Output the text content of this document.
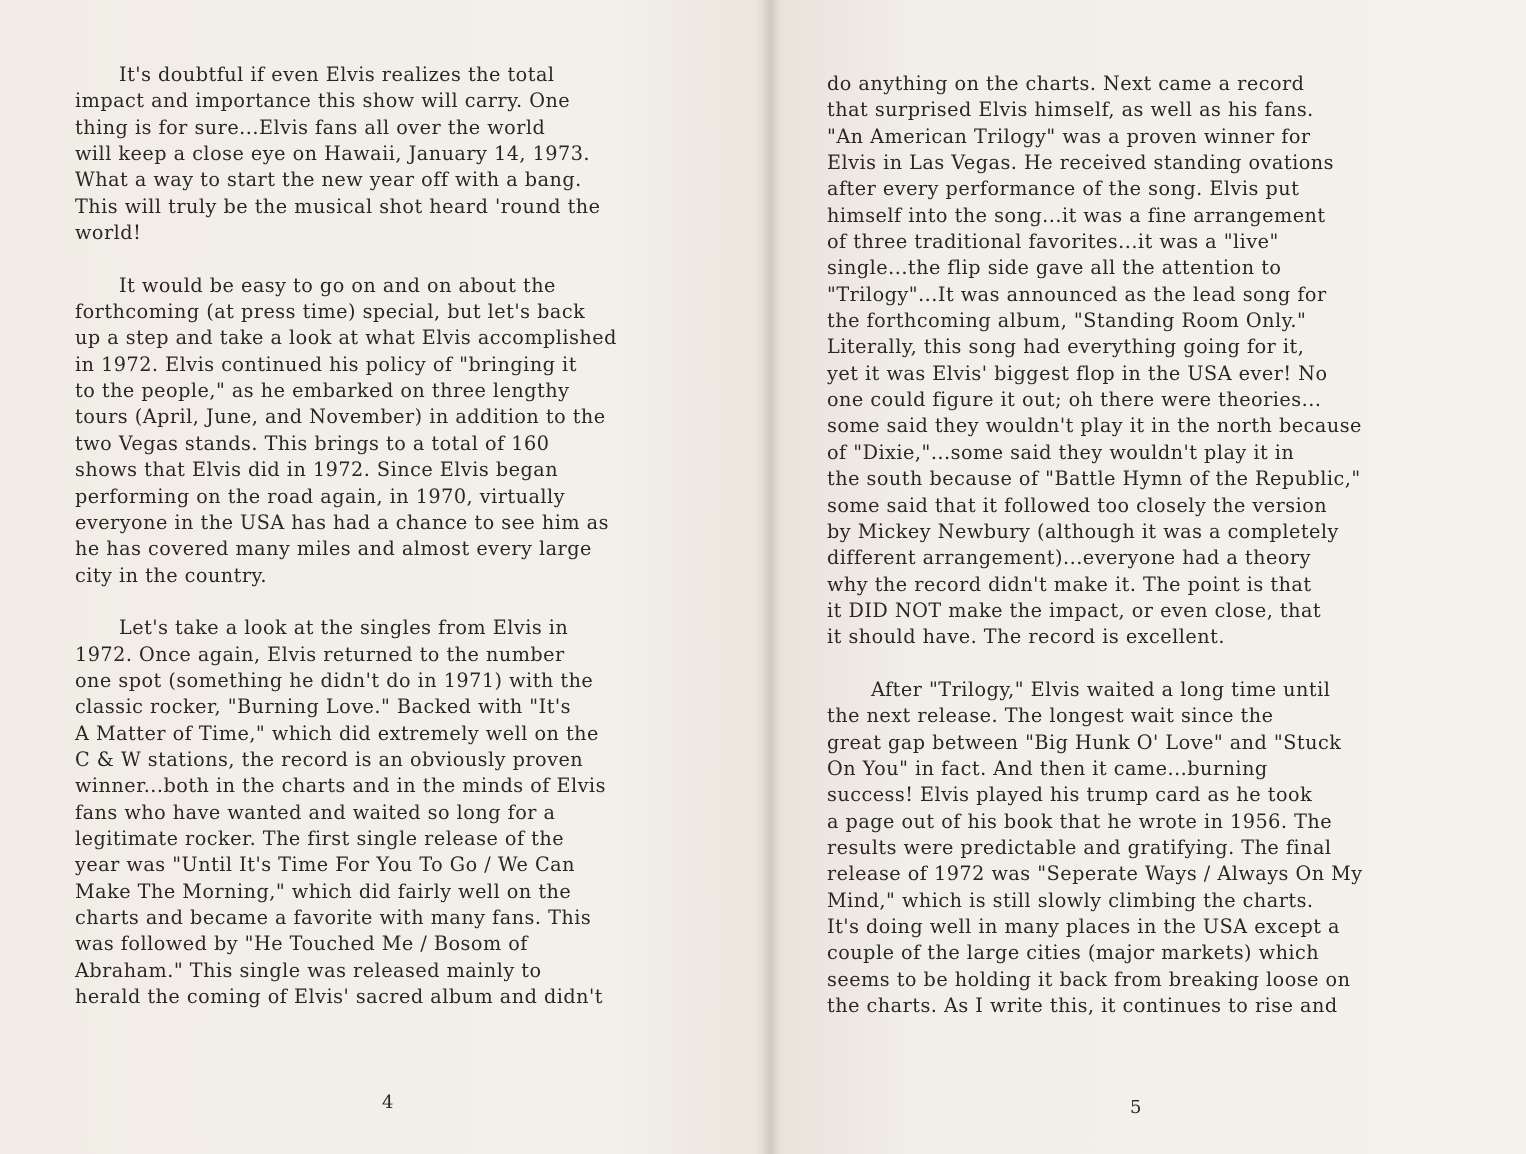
It's doubtful if even Elvis realizes the total
impact and importance this show will carry. One
thing is for sure...Elvis fans all over the world
will keep a close eye on Hawaii, January 14, 1973.
What a way to start the new year off with a bang.
This will truly be the musical shot heard 'round the
world!
It would be easy to go on and on about the
forthcoming (at press time) special, but let's back
up a step and take a look at what Elvis accomplished
in 1972. Elvis continued his policy of "bringing it
to the people," as he embarked on three lengthy
tours (April, June, and November) in addition to the
two Vegas stands. This brings to a total of 160
shows that Elvis did in 1972. Since Elvis began
performing on the road again, in 1970, virtually
everyone in the USA has had a chance to see him as
he has covered many miles and almost every large
city in the country.
Let's take a look at the singles from Elvis in
1972. Once again, Elvis returned to the number
one spot (something he didn't do in 1971) with the
classic rocker, "Burning Love." Backed with "It's
A Matter of Time," which did extremely well on the
C & W stations, the record is an obviously proven
winner...both in the charts and in the minds of Elvis
fans who have wanted and waited so long for a
legitimate rocker. The first single release of the
year was "Until It's Time For You To Go / We Can
Make The Morning," which did fairly well on the
charts and became a favorite with many fans. This
was followed by "He Touched Me / Bosom of
Abraham." This single was released mainly to
herald the coming of Elvis' sacred album and didn't
4
do anything on the charts. Next came a record
that surprised Elvis himself, as well as his fans.
"An American Trilogy" was a proven winner for
Elvis in Las Vegas. He received standing ovations
after every performance of the song. Elvis put
himself into the song...it was a fine arrangement
of three traditional favorites...it was a "live"
single...the flip side gave all the attention to
"Trilogy"...It was announced as the lead song for
the forthcoming album, "Standing Room Only."
Literally, this song had everything going for it,
yet it was Elvis' biggest flop in the USA ever! No
one could figure it out; oh there were theories...
some said they wouldn't play it in the north because
of "Dixie,"...some said they wouldn't play it in
the south because of "Battle Hymn of the Republic,"
some said that it followed too closely the version
by Mickey Newbury (although it was a completely
different arrangement)...everyone had a theory
why the record didn't make it. The point is that
it DID NOT make the impact, or even close, that
it should have. The record is excellent.
After "Trilogy," Elvis waited a long time until
the next release. The longest wait since the
great gap between "Big Hunk O' Love" and "Stuck
On You" in fact. And then it came...burning
success! Elvis played his trump card as he took
a page out of his book that he wrote in 1956. The
results were predictable and gratifying. The final
release of 1972 was "Seperate Ways / Always On My
Mind," which is still slowly climbing the charts.
It's doing well in many places in the USA except a
couple of the large cities (major markets) which
seems to be holding it back from breaking loose on
the charts. As I write this, it continues to rise and
5
